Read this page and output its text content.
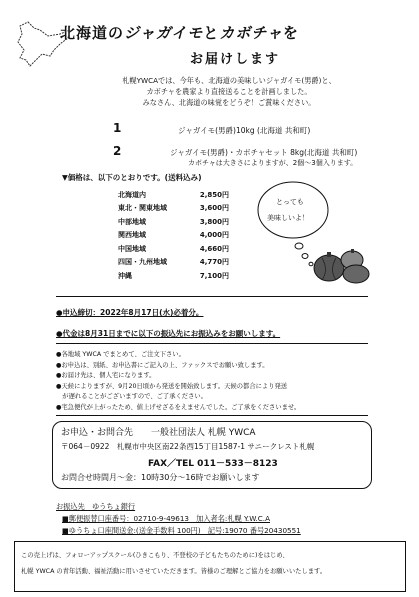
北海道のジャガイモとカボチャを
お届けします
札幌YWCAでは、今年も、北海道の美味しいジャガイモ(男爵)と、
カボチャを農家より直接送ることを計画しました。
みなさん、北海道の味覚をどうぞ！ご賞味ください。
1	ジャガイモ(男爵)10kg (北海道 共和町)
2	ジャガイモ(男爵)・カボチャセット 8kg(北海道 共和町)
カボチャは大きさによりますが、2個～3個入ります。
▼価格は、以下のとおりです。(送料込み)
北海道内	2,850円
東北・関東地域	3,600円
中部地域	3,800円
関西地域	4,000円
中国地域	4,660円
四国・九州地域	4,770円
沖縄	7,100円
とっても
美味しいよ！
●申込締切：2022年8月17日(水)必着分。
●代金は8月31日までに以下の振込先にお振込みをお願いします。
●各地域 YWCA でまとめて、ご注文下さい。
●お申込は、別紙、お申込書にご記入の上、ファックスでお願い致します。
●お届け先は、個人宅になります。
●天候によりますが、9月20日頃から発送を開始致します。天候の都合により発送
　が遅れることがございますので、ご了承ください。
●宅急便代が上がったため、値上げせざるをえませんでした。ご了承をくださいませ。
お申込・お問合先　　一般社団法人 札幌 YWCA
〒064－0922　札幌市中央区南22条西15丁目1587-1 サニークレスト札幌
FAX／TEL 011－533－8123
お問合せ時間月～金：10時30分～16時でお願いします
お振込先　ゆうちょ銀行
■郵便振替口座番号：02710-9-49613　加入者名:札幌 Y.W.C.A
■ゆうちょ口座間送金:(送金手数料 100円)　記号:19070 番号20430551
この売上げは、フォローアップスクール(ひきこもり、不登校の子どもたちのために)をはじめ、
札幌 YWCA の青年活動、福祉活動に用いさせていただきます。皆様のご理解とご協力をお願いいたします。
